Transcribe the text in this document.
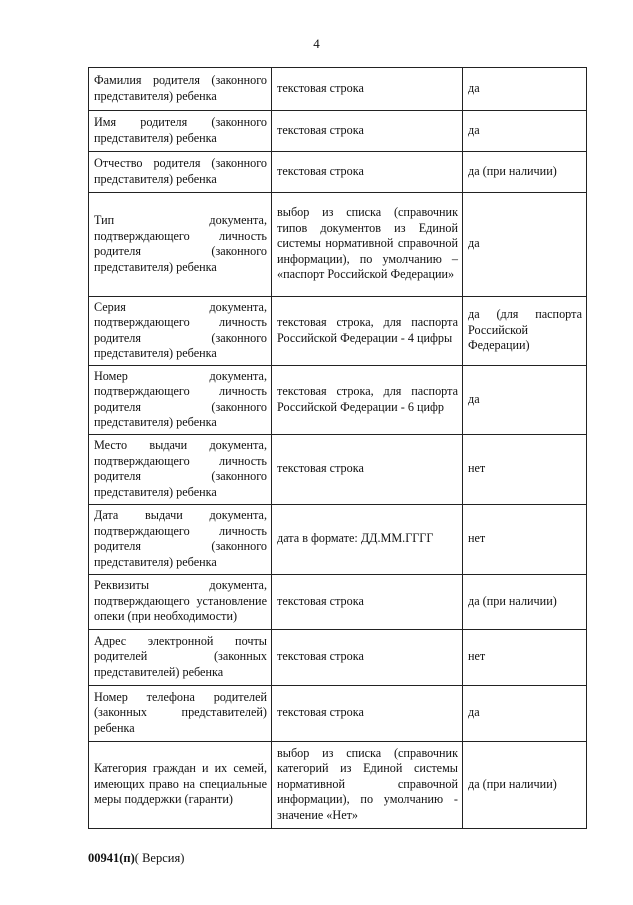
4
Фамилия родителя (законного представителя) ребенка	текстовая строка	да
Имя родителя (законного представителя) ребенка	текстовая строка	да
Отчество родителя (законного представителя) ребенка	текстовая строка	да (при наличии)
Тип документа, подтверждающего личность родителя (законного представителя) ребенка	выбор из списка (справочник типов документов из Единой системы нормативной справочной информации), по умолчанию – «паспорт Российской Федерации»	да
Серия документа, подтверждающего личность родителя (законного представителя) ребенка	текстовая строка, для паспорта Российской Федерации - 4 цифры	да (для паспорта Российской Федерации)
Номер документа, подтверждающего личность родителя (законного представителя) ребенка	текстовая строка, для паспорта Российской Федерации - 6 цифр	да
Место выдачи документа, подтверждающего личность родителя (законного представителя) ребенка	текстовая строка	нет
Дата выдачи документа, подтверждающего личность родителя (законного представителя) ребенка	дата в формате: ДД.ММ.ГГГГ	нет
Реквизиты документа, подтверждающего установление опеки (при необходимости)	текстовая строка	да (при наличии)
Адрес электронной почты родителей (законных представителей) ребенка	текстовая строка	нет
Номер телефона родителей (законных представителей) ребенка	текстовая строка	да
Категория граждан и их семей, имеющих право на специальные меры поддержки (гаранти)	выбор из списка (справочник категорий из Единой системы нормативной справочной информации), по умолчанию - значение «Нет»	да (при наличии)
00941(п)( Версия)
